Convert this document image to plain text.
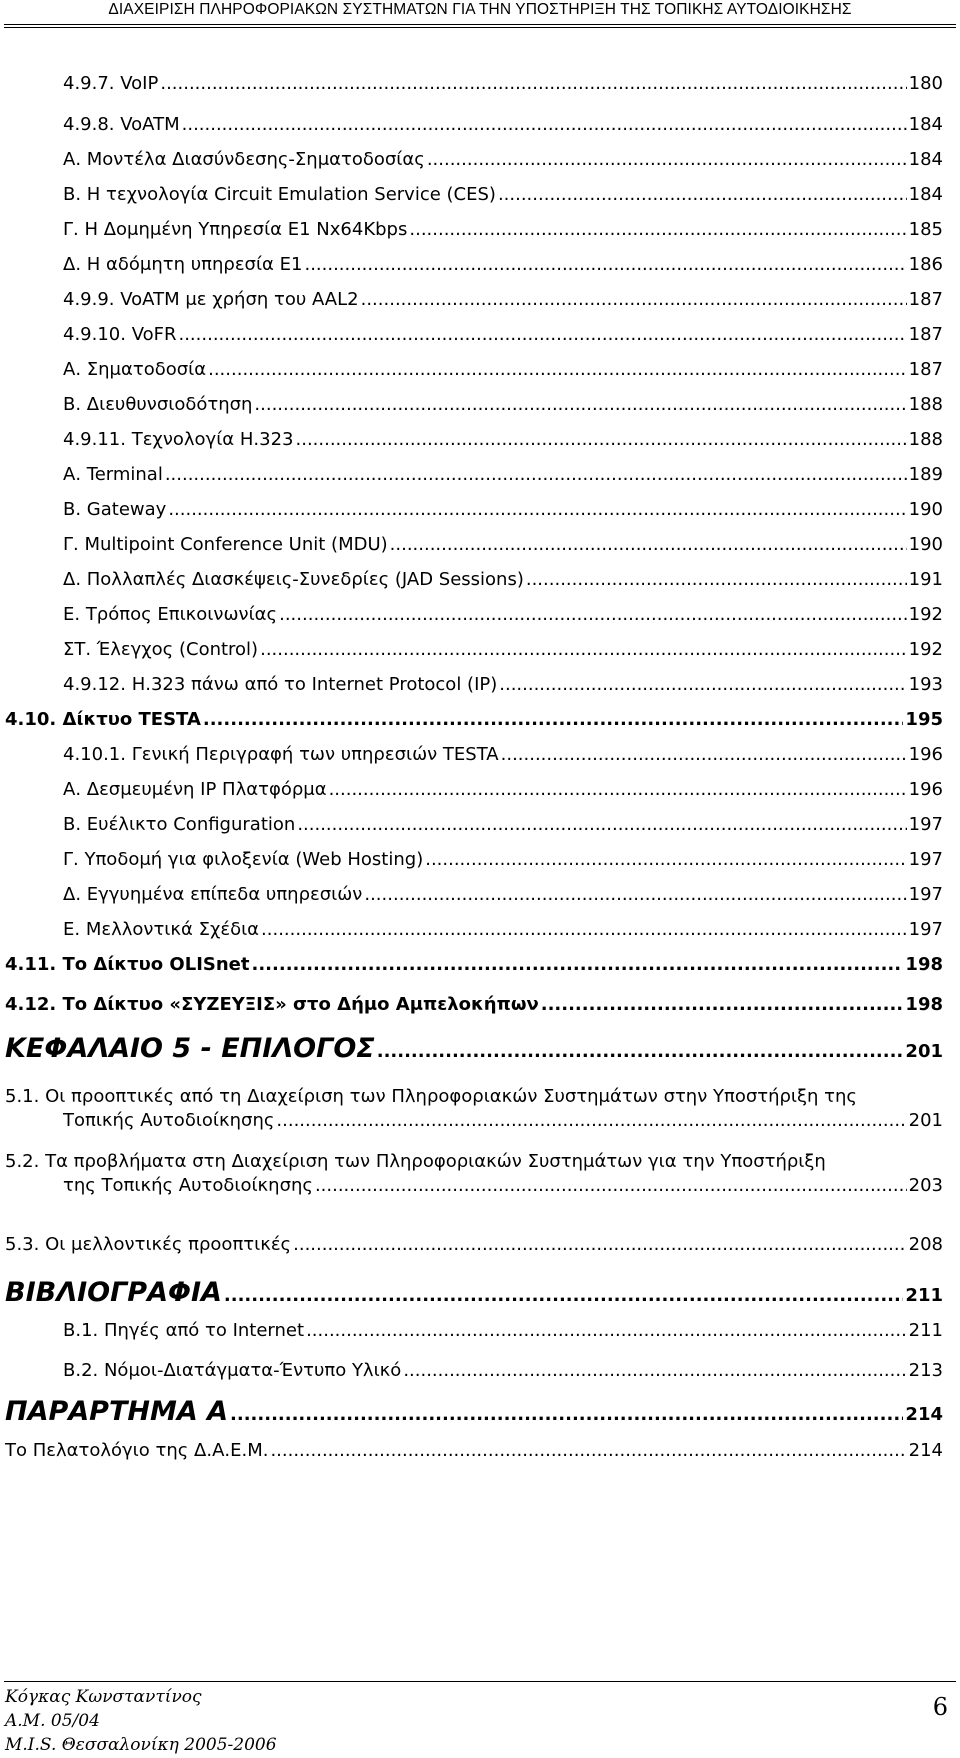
ΔΙΑΧΕΙΡΙΣΗ ΠΛΗΡΟΦΟΡΙΑΚΩΝ ΣΥΣΤΗΜΑΤΩΝ ΓΙΑ ΤΗΝ ΥΠΟΣΤΗΡΙΞΗ ΤΗΣ ΤΟΠΙΚΗΣ ΑΥΤΟΔΙΟΙΚΗΣΗΣ
4.9.7. VoIP .....	180
4.9.8. VoATM .....	184
Α. Μοντέλα Διασύνδεσης-Σηματοδοσίας .....	184
Β. Η τεχνολογία Circuit Emulation Service (CES) .....	184
Γ. Η Δομημένη Υπηρεσία Ε1 Nx64Kbps .....	185
Δ. Η αδόμητη υπηρεσία Ε1 .....	186
4.9.9. VoATM με χρήση του AAL2 .....	187
4.9.10. VoFR .....	187
Α. Σηματοδοσία .....	187
Β. Διευθυνσιοδότηση .....	188
4.9.11. Τεχνολογία Η.323 .....	188
Α. Terminal .....	189
Β. Gateway .....	190
Γ. Multipoint Conference Unit (MDU) .....	190
Δ. Πολλαπλές Διασκέψεις-Συνεδρίες (JAD Sessions) .....	191
Ε. Τρόπος Επικοινωνίας .....	192
ΣΤ. Έλεγχος (Control) .....	192
4.9.12. Η.323 πάνω από το Internet Protocol (IP) .....	193
4.10. Δίκτυο TESTA .....	195
4.10.1. Γενική Περιγραφή των υπηρεσιών TESTA .....	196
Α. Δεσμευμένη IP Πλατφόρμα .....	196
Β. Ευέλικτο Configuration .....	197
Γ. Υποδομή για φιλοξενία (Web Hosting) .....	197
Δ. Εγγυημένα επίπεδα υπηρεσιών .....	197
Ε. Μελλοντικά Σχέδια .....	197
4.11. Το Δίκτυο OLISnet .....	198
4.12. Το Δίκτυο «ΣΥΖΕΥΞΙΣ» στο Δήμο Αμπελοκήπων .....	198
ΚΕΦΑΛΑΙΟ 5 - ΕΠΙΛΟΓΟΣ .....	201
5.1. Οι προοπτικές από τη Διαχείριση των Πληροφοριακών Συστημάτων στην Υποστήριξη της
Τοπικής Αυτοδιοίκησης .....	201
5.2. Τα προβλήματα στη Διαχείριση των Πληροφοριακών Συστημάτων για την Υποστήριξη
της Τοπικής Αυτοδιοίκησης .....	203
5.3. Οι μελλοντικές προοπτικές .....	208
ΒΙΒΛΙΟΓΡΑΦΙΑ .....	211
Β.1. Πηγές από το Internet .....	211
Β.2. Νόμοι-Διατάγματα-Έντυπο Υλικό .....	213
ΠΑΡΑΡΤΗΜΑ Α .....	214
Το Πελατολόγιο της Δ.Α.Ε.Μ. .....	214
Κόγκας Κωνσταντίνος
Α.Μ. 05/04
Μ.Ι.S. Θεσσαλονίκη 2005-2006
6
